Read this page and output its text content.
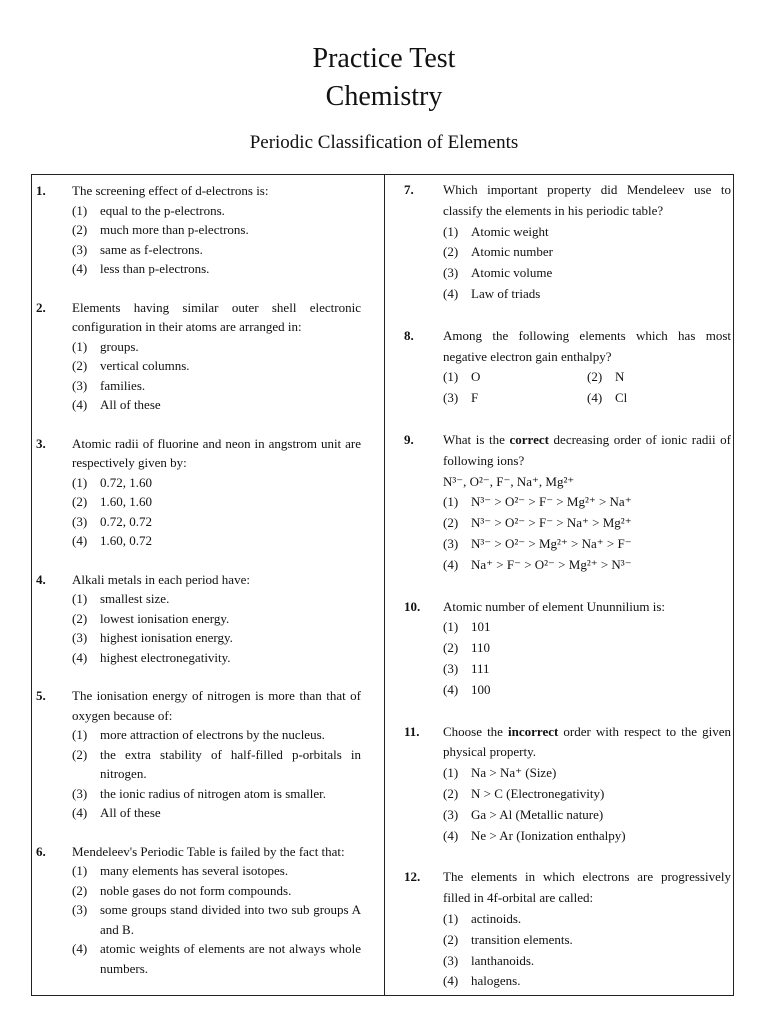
Practice Test
Chemistry
Periodic Classification of Elements
1. The screening effect of d-electrons is:
(1) equal to the p-electrons.
(2) much more than p-electrons.
(3) same as f-electrons.
(4) less than p-electrons.
2. Elements having similar outer shell electronic configuration in their atoms are arranged in:
(1) groups.
(2) vertical columns.
(3) families.
(4) All of these
3. Atomic radii of fluorine and neon in angstrom unit are respectively given by:
(1) 0.72, 1.60
(2) 1.60, 1.60
(3) 0.72, 0.72
(4) 1.60, 0.72
4. Alkali metals in each period have:
(1) smallest size.
(2) lowest ionisation energy.
(3) highest ionisation energy.
(4) highest electronegativity.
5. The ionisation energy of nitrogen is more than that of oxygen because of:
(1) more attraction of electrons by the nucleus.
(2) the extra stability of half-filled p-orbitals in nitrogen.
(3) the ionic radius of nitrogen atom is smaller.
(4) All of these
6. Mendeleev's Periodic Table is failed by the fact that:
(1) many elements has several isotopes.
(2) noble gases do not form compounds.
(3) some groups stand divided into two sub groups A and B.
(4) atomic weights of elements are not always whole numbers.
7. Which important property did Mendeleev use to classify the elements in his periodic table?
(1) Atomic weight
(2) Atomic number
(3) Atomic volume
(4) Law of triads
8. Among the following elements which has most negative electron gain enthalpy?
(1) O	(2) N
(3) F	(4) Cl
9. What is the correct decreasing order of ionic radii of following ions?
N³⁻, O²⁻, F⁻, Na⁺, Mg²⁺
(1) N³⁻ > O²⁻ > F⁻ > Mg²⁺ > Na⁺
(2) N³⁻ > O²⁻ > F⁻ > Na⁺ > Mg²⁺
(3) N³⁻ > O²⁻ > Mg²⁺ > Na⁺ > F⁻
(4) Na⁺ > F⁻ > O²⁻ > Mg²⁺ > N³⁻
10. Atomic number of element Ununnilium is:
(1) 101
(2) 110
(3) 111
(4) 100
11. Choose the incorrect order with respect to the given physical property.
(1) Na > Na⁺ (Size)
(2) N > C (Electronegativity)
(3) Ga > Al (Metallic nature)
(4) Ne > Ar (Ionization enthalpy)
12. The elements in which electrons are progressively filled in 4f-orbital are called:
(1) actinoids.
(2) transition elements.
(3) lanthanoids.
(4) halogens.
